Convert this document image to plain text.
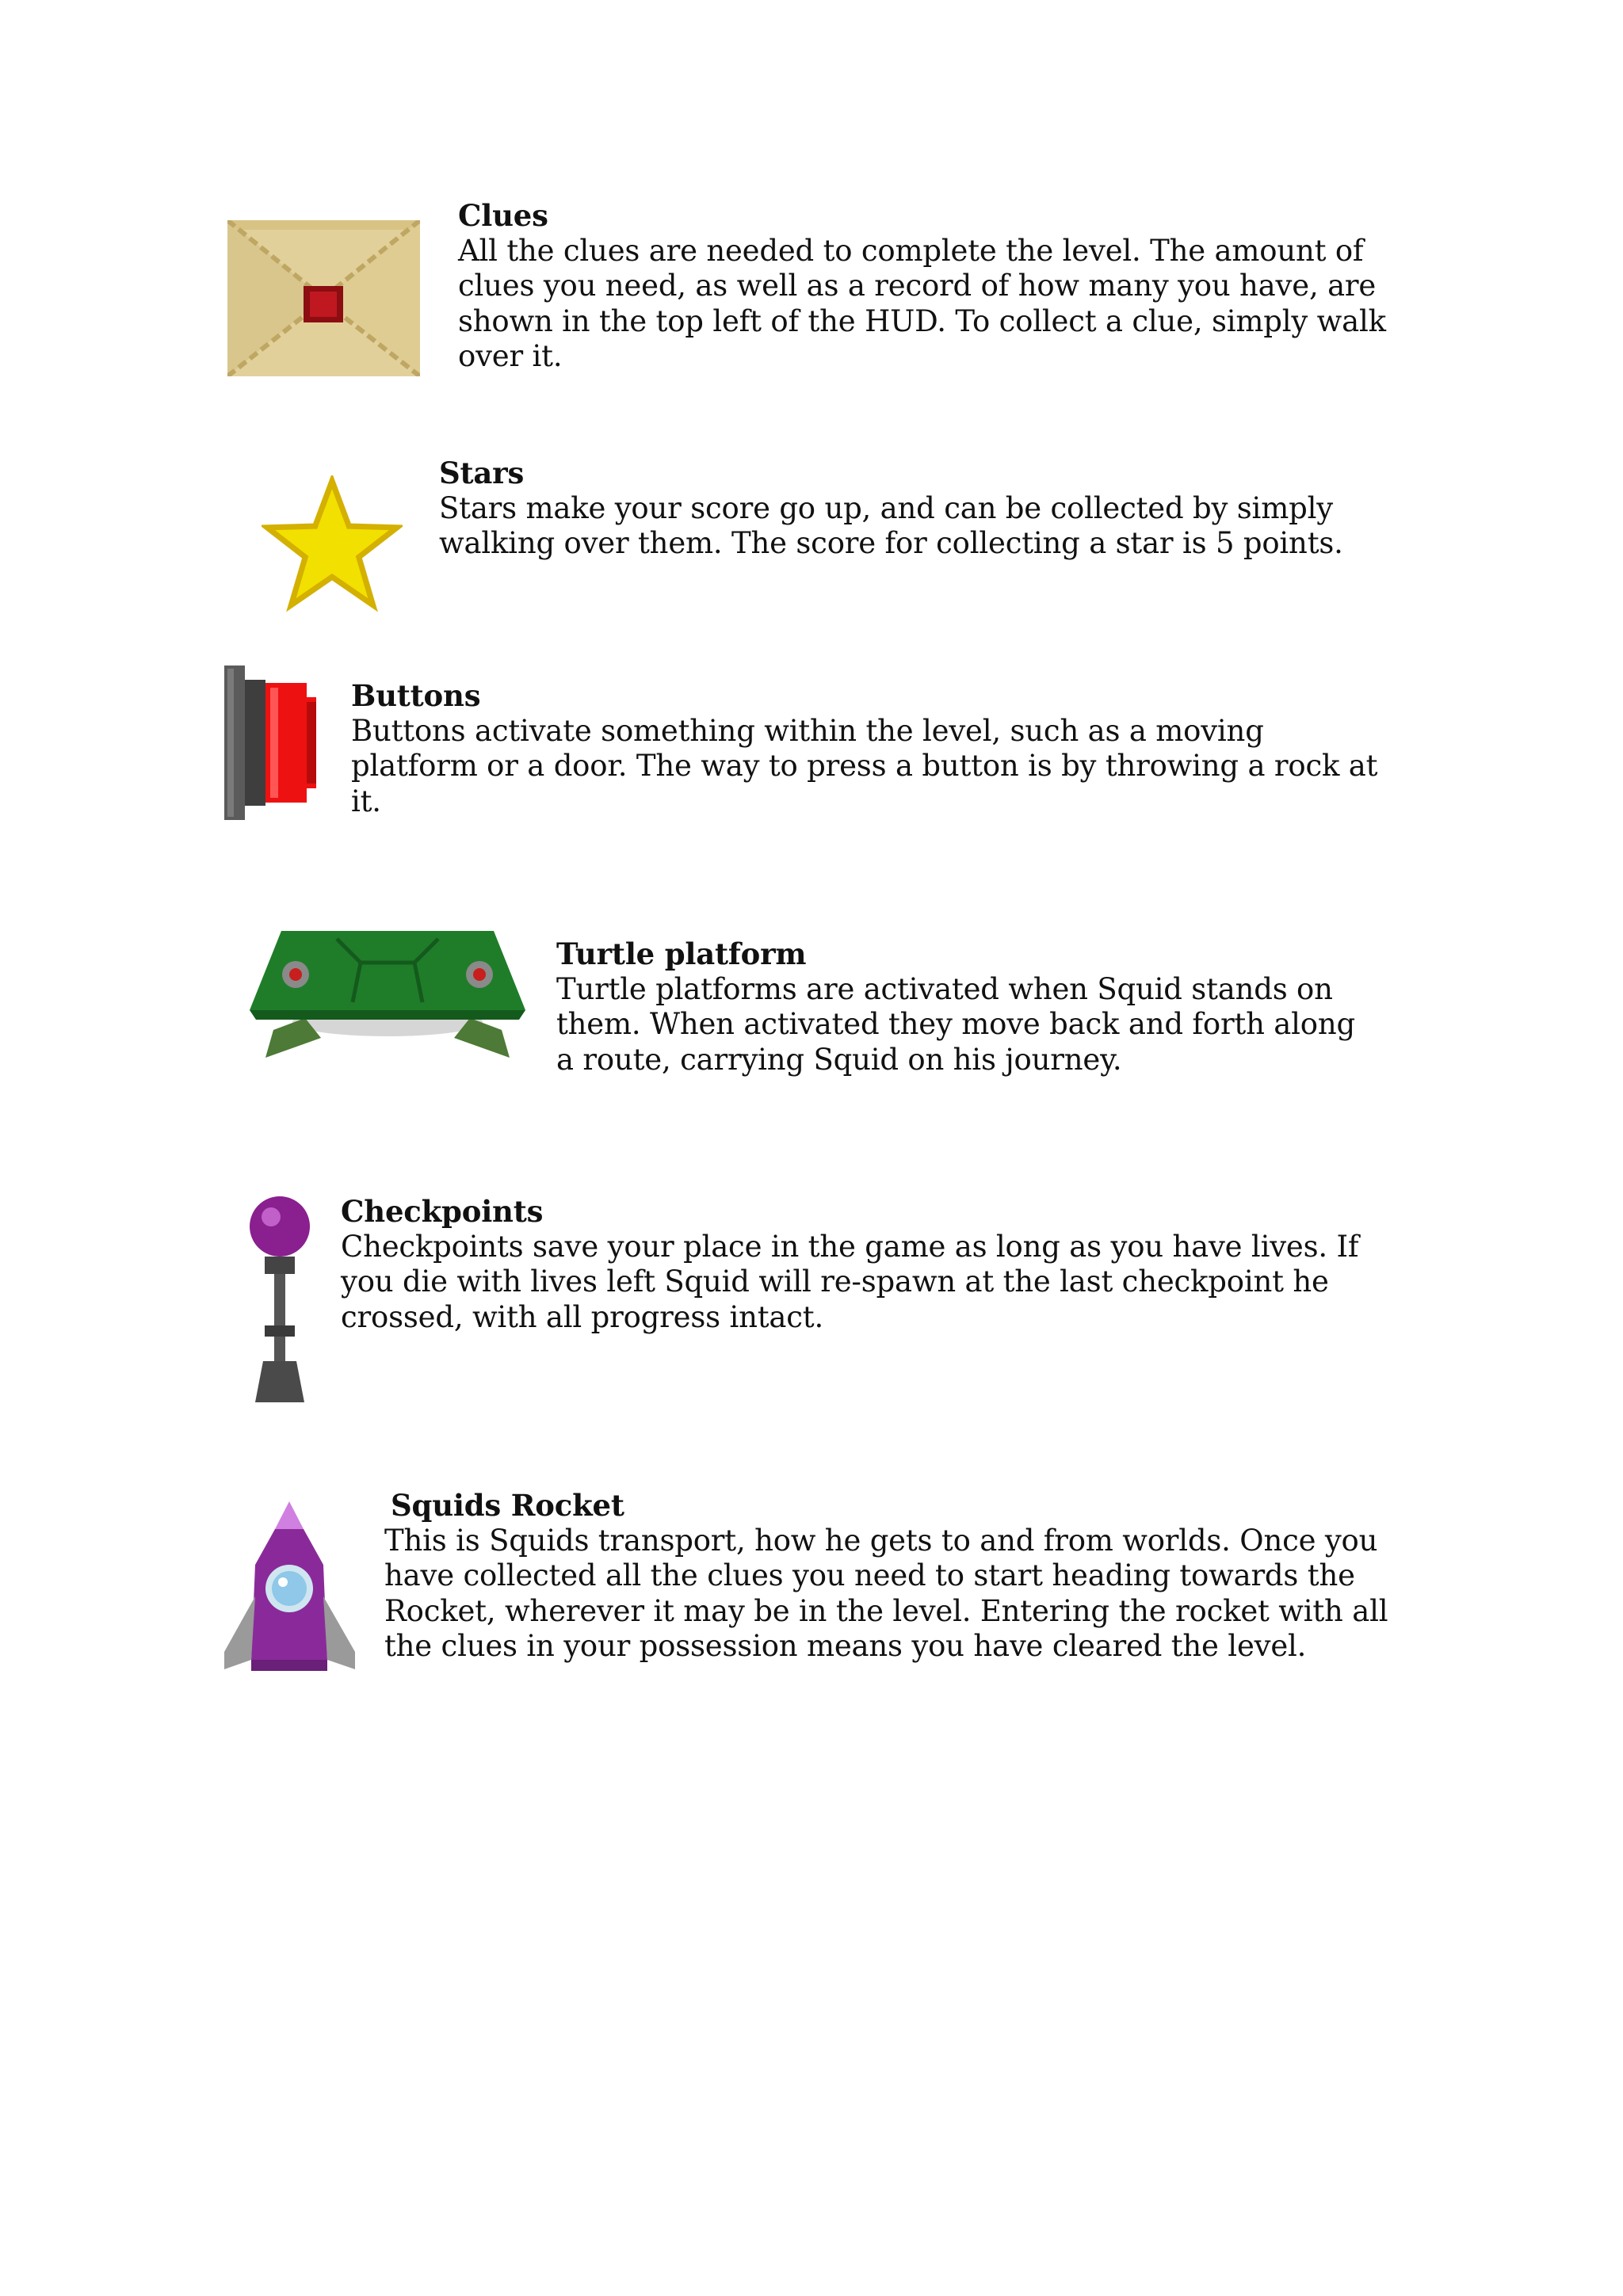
Clues
All the clues are needed to complete the level. The amount of clues you need, as well as a record of how many you have, are shown in the top left of the HUD. To collect a clue, simply walk over it.
Stars
Stars make your score go up, and can be collected by simply walking over them. The score for collecting a star is 5 points.
Buttons
Buttons activate something within the level, such as a moving platform or a door. The way to press a button is by throwing a rock at it.
Turtle platform
Turtle platforms are activated when Squid stands on them. When activated they move back and forth along a route, carrying Squid on his journey.
Checkpoints
Checkpoints save your place in the game as long as you have lives. If you die with lives left Squid will re-spawn at the last checkpoint he crossed, with all progress intact.
Squids Rocket
This is Squids transport, how he gets to and from worlds. Once you have collected all the clues you need to start heading towards the Rocket, wherever it may be in the level. Entering the rocket with all the clues in your possession means you have cleared the level.
